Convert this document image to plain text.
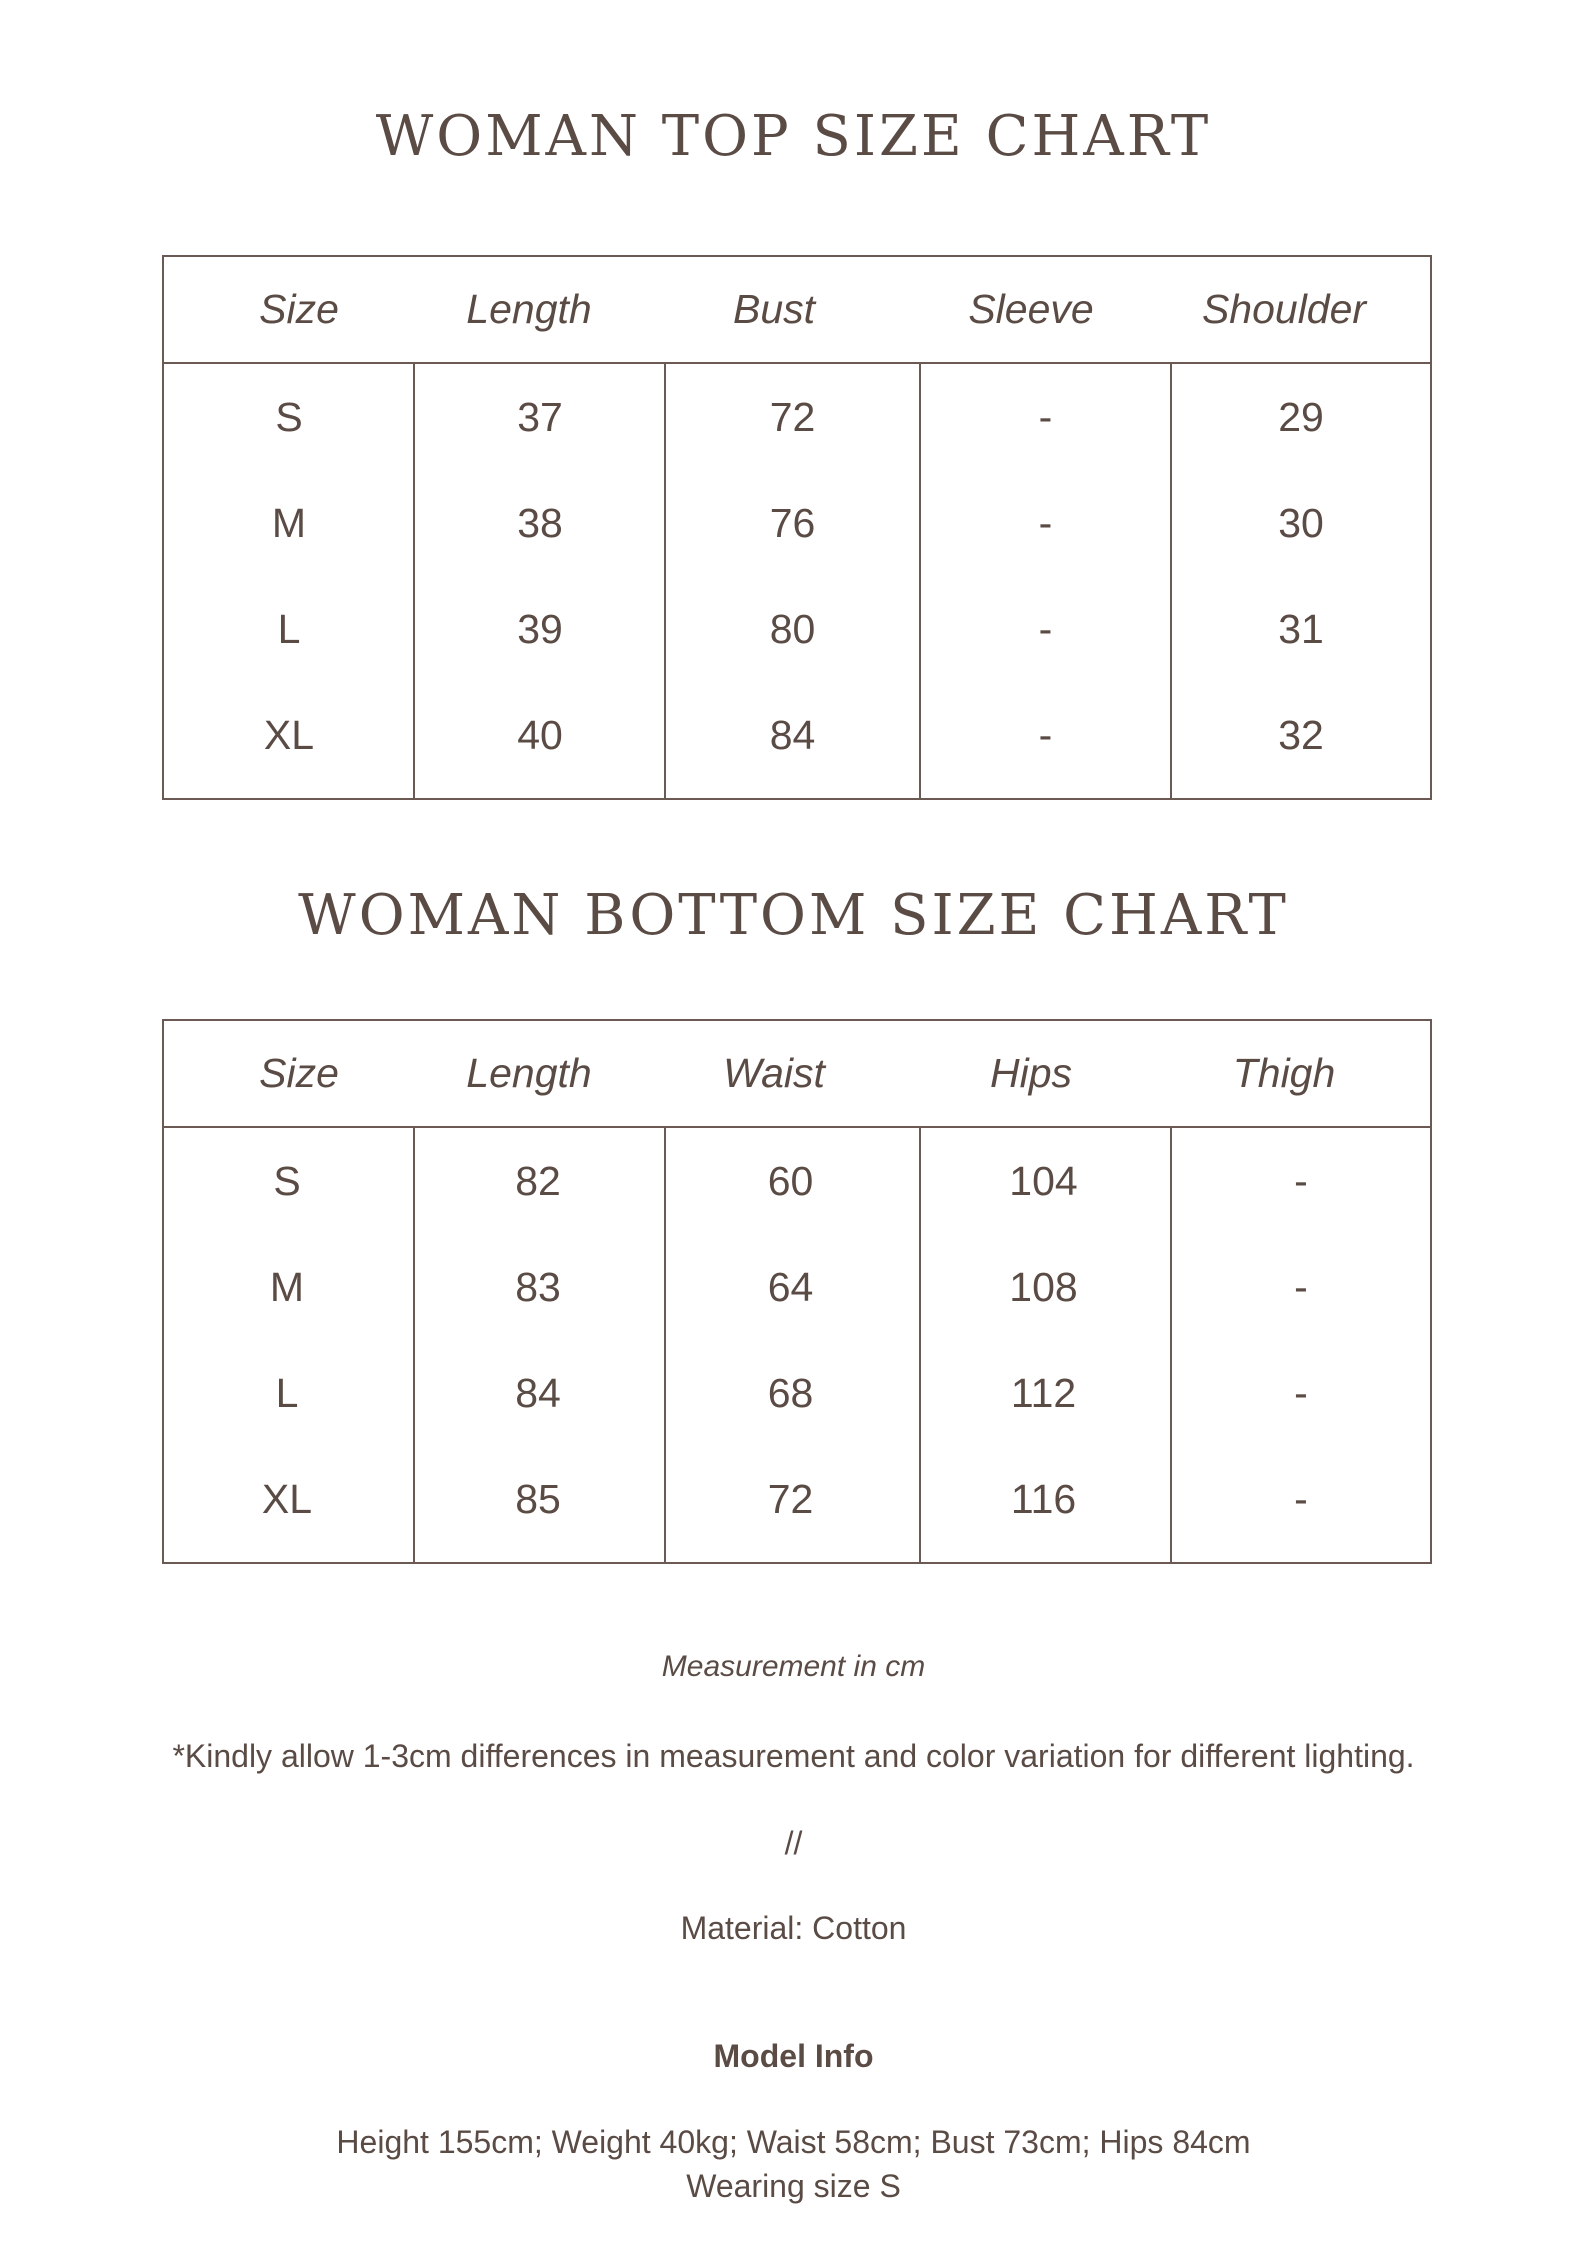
WOMAN TOP SIZE CHART
Size	Length	Bust	Sleeve	Shoulder
S	37	72	-	29
M	38	76	-	30
L	39	80	-	31
XL	40	84	-	32
WOMAN BOTTOM SIZE CHART
Size	Length	Waist	Hips	Thigh
S	82	60	104	-
M	83	64	108	-
L	84	68	112	-
XL	85	72	116	-
Measurement in cm
*Kindly allow 1-3cm differences in measurement and color variation for different lighting.
//
Material: Cotton
Model Info
Height 155cm; Weight 40kg; Waist 58cm; Bust 73cm; Hips 84cm
Wearing size S
